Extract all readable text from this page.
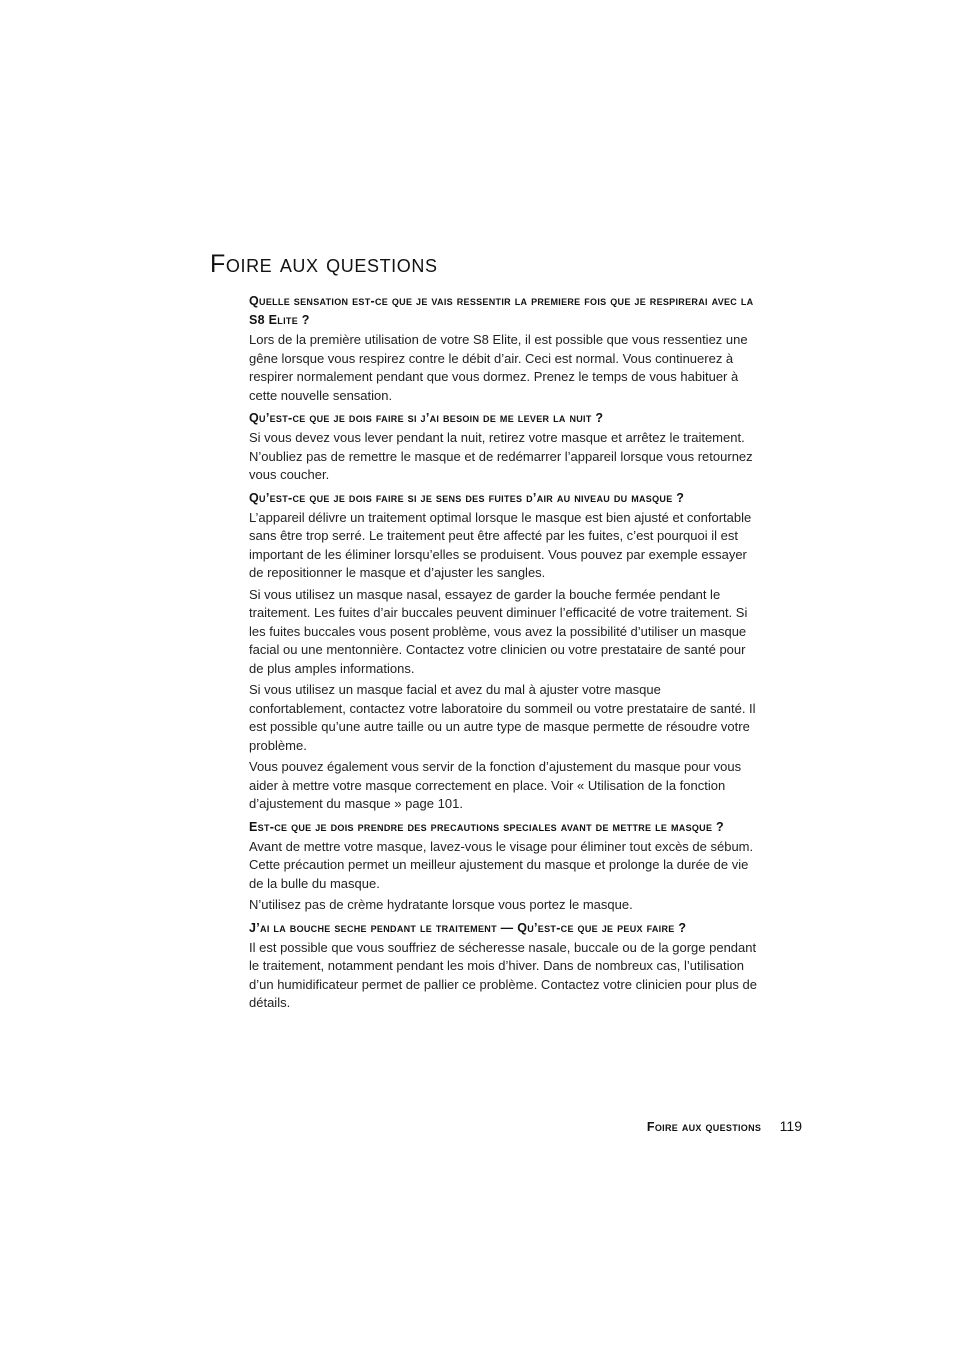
Foire aux questions
Quelle sensation est-ce que je vais ressentir la premiere fois que je respirerai avec la S8 Elite ?

Lors de la première utilisation de votre S8 Elite, il est possible que vous ressentiez une gêne lorsque vous respirez contre le débit d’air. Ceci est normal. Vous continuerez à respirer normalement pendant que vous dormez. Prenez le temps de vous habituer à cette nouvelle sensation.

Qu’est-ce que je dois faire si j’ai besoin de me lever la nuit ?

Si vous devez vous lever pendant la nuit, retirez votre masque et arrêtez le traitement. N’oubliez pas de remettre le masque et de redémarrer l’appareil lorsque vous retournez vous coucher.

Qu’est-ce que je dois faire si je sens des fuites d’air au niveau du masque ?

L’appareil délivre un traitement optimal lorsque le masque est bien ajusté et confortable sans être trop serré. Le traitement peut être affecté par les fuites, c’est pourquoi il est important de les éliminer lorsqu’elles se produisent. Vous pouvez par exemple essayer de repositionner le masque et d’ajuster les sangles.

Si vous utilisez un masque nasal, essayez de garder la bouche fermée pendant le traitement. Les fuites d’air buccales peuvent diminuer l’efficacité de votre traitement. Si les fuites buccales vous posent problème, vous avez la possibilité d’utiliser un masque facial ou une mentonnière. Contactez votre clinicien ou votre prestataire de santé pour de plus amples informations.

Si vous utilisez un masque facial et avez du mal à ajuster votre masque confortablement, contactez votre laboratoire du sommeil ou votre prestataire de santé. Il est possible qu’une autre taille ou un autre type de masque permette de résoudre votre problème.

Vous pouvez également vous servir de la fonction d’ajustement du masque pour vous aider à mettre votre masque correctement en place. Voir « Utilisation de la fonction d’ajustement du masque » page 101.

Est-ce que je dois prendre des precautions speciales avant de mettre le masque ?

Avant de mettre votre masque, lavez-vous le visage pour éliminer tout excès de sébum. Cette précaution permet un meilleur ajustement du masque et prolonge la durée de vie de la bulle du masque.

N’utilisez pas de crème hydratante lorsque vous portez le masque.

J’ai la bouche seche pendant le traitement — Qu’est-ce que je peux faire ?

Il est possible que vous souffriez de sécheresse nasale, buccale ou de la gorge pendant le traitement, notamment pendant les mois d’hiver. Dans de nombreux cas, l’utilisation d’un humidificateur permet de pallier ce problème. Contactez votre clinicien pour plus de détails.

Foire aux questions 119
